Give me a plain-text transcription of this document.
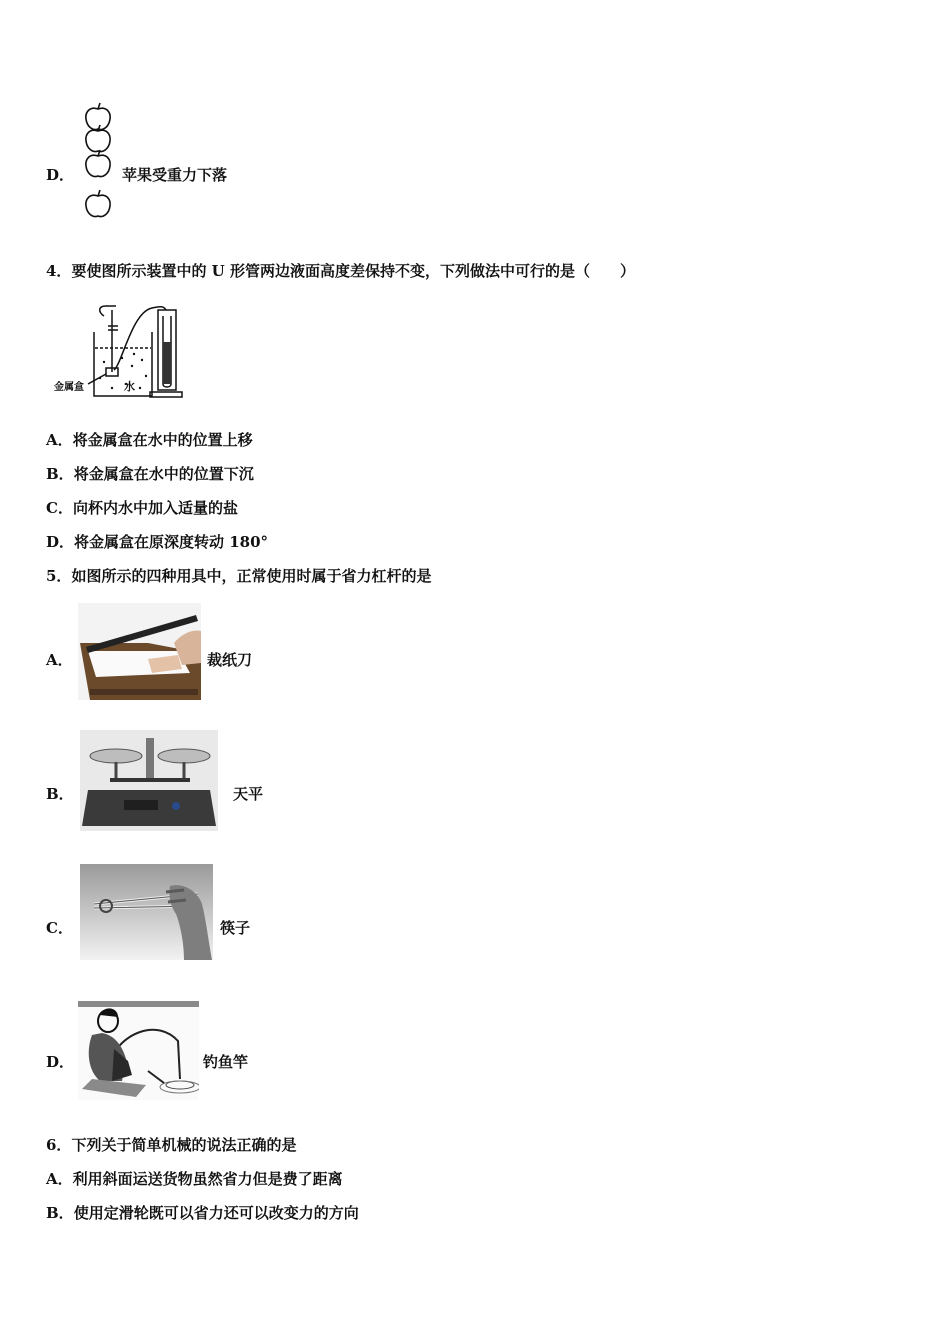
D．	苹果受重力下落
4．要使图所示装置中的 U 形管两边液面高度差保持不变，下列做法中可行的是（　　）
金属盒	水
A．将金属盒在水中的位置上移
B．将金属盒在水中的位置下沉
C．向杯内水中加入适量的盐
D．将金属盒在原深度转动 180°
5．如图所示的四种用具中，正常使用时属于省力杠杆的是
A．	裁纸刀
B．	天平
C．	筷子
D．	钓鱼竿
6．下列关于简单机械的说法正确的是
A．利用斜面运送货物虽然省力但是费了距离
B．使用定滑轮既可以省力还可以改变力的方向
